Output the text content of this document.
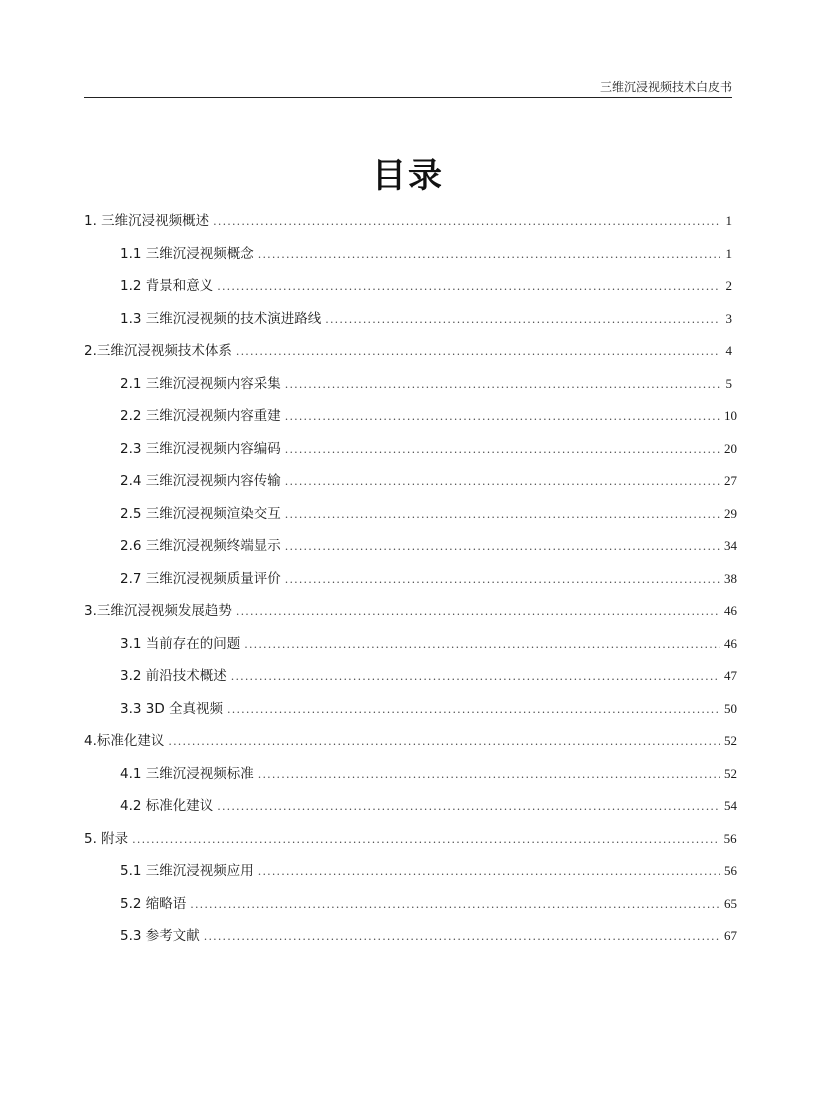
三维沉浸视频技术白皮书
目录
1. 三维沉浸视频概述 .....	1
1.1 三维沉浸视频概念 .....	1
1.2 背景和意义 .....	2
1.3 三维沉浸视频的技术演进路线 .....	3
2.三维沉浸视频技术体系 .....	4
2.1 三维沉浸视频内容采集 .....	5
2.2 三维沉浸视频内容重建 .....	10
2.3 三维沉浸视频内容编码 .....	20
2.4 三维沉浸视频内容传输 .....	27
2.5 三维沉浸视频渲染交互 .....	29
2.6 三维沉浸视频终端显示 .....	34
2.7 三维沉浸视频质量评价 .....	38
3.三维沉浸视频发展趋势 .....	46
3.1 当前存在的问题 .....	46
3.2 前沿技术概述 .....	47
3.3 3D 全真视频 .....	50
4.标准化建议 .....	52
4.1 三维沉浸视频标准 .....	52
4.2 标准化建议 .....	54
5. 附录 .....	56
5.1 三维沉浸视频应用 .....	56
5.2 缩略语 .....	65
5.3 参考文献 .....	67
